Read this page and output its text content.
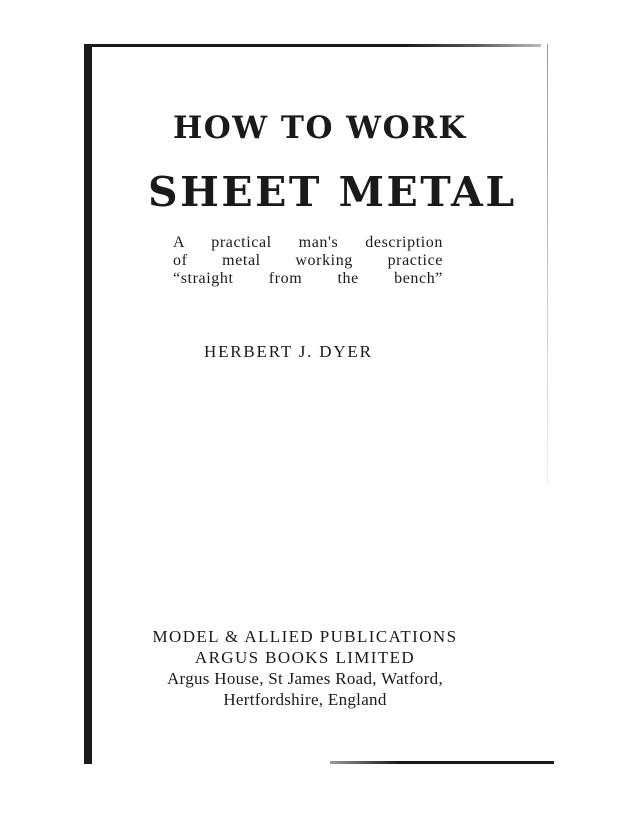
HOW TO WORK
SHEET METAL
A practical man's description
of metal working practice
“straight from the bench”
HERBERT J. DYER
MODEL & ALLIED PUBLICATIONS
ARGUS BOOKS LIMITED
Argus House, St James Road, Watford,
Hertfordshire, England
